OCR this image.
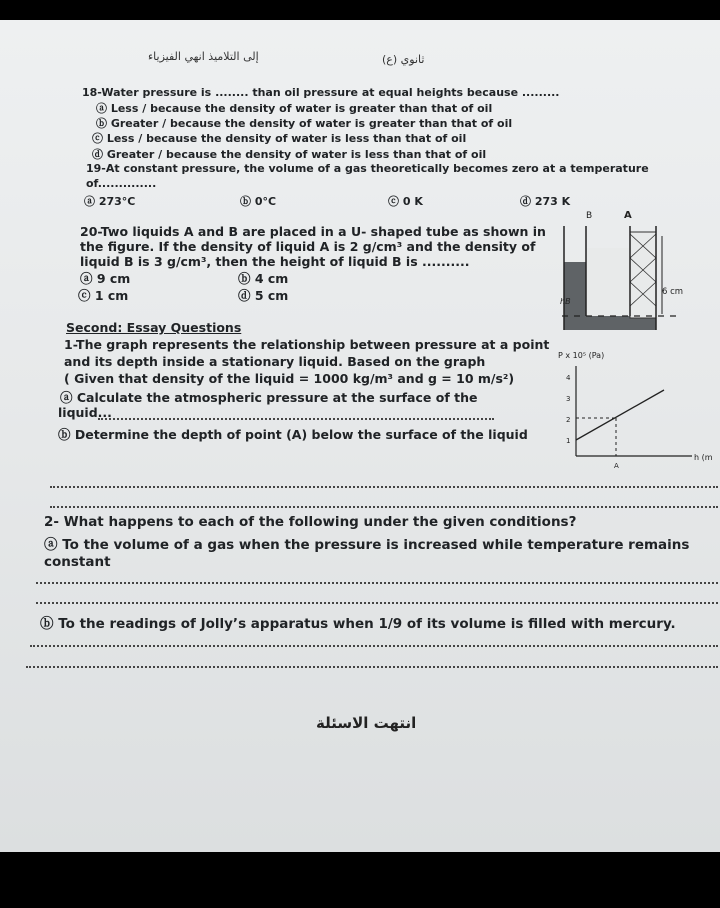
إلى التلاميذ انهي الفيزياء	(ع) ثانوي
18-Water pressure is ........ than oil pressure at equal heights because .........
ⓐ Less / because the density of water is greater than that of oil
ⓑ Greater / because the density of water is greater than that of oil
ⓒ Less / because the density of water is less than that of oil
ⓓ Greater / because the density of water is less than that of oil
19-At constant pressure, the volume of a gas theoretically becomes zero at a temperature
of..............
ⓐ 273°C	ⓑ 0°C	ⓒ 0 K	ⓓ 273 K
20-Two liquids A and B are placed in a U- shaped tube as shown in
the figure. If the density of liquid A is 2 g/cm³ and the density of
liquid B is 3 g/cm³, then the height of liquid B is ..........
ⓐ 9 cm	ⓑ 4 cm
ⓒ 1 cm	ⓓ 5 cm
B	A
6 cm
hB
Second: Essay Questions
1-The graph represents the relationship between pressure at a point
and its depth inside a stationary liquid. Based on the graph
( Given that density of the liquid = 1000 kg/m³ and g = 10 m/s²)
ⓐ Calculate the atmospheric pressure at the surface of the
liquid...
ⓑ Determine the depth of point (A) below the surface of the liquid
P x 10⁵ (Pa)
4
3
2
1
A
h (m
2- What happens to each of the following under the given conditions?
ⓐ To the volume of a gas when the pressure is increased while temperature remains
constant
ⓑ To the readings of Jolly’s apparatus when 1/9 of its volume is filled with mercury.
انتهت الاسئلة
